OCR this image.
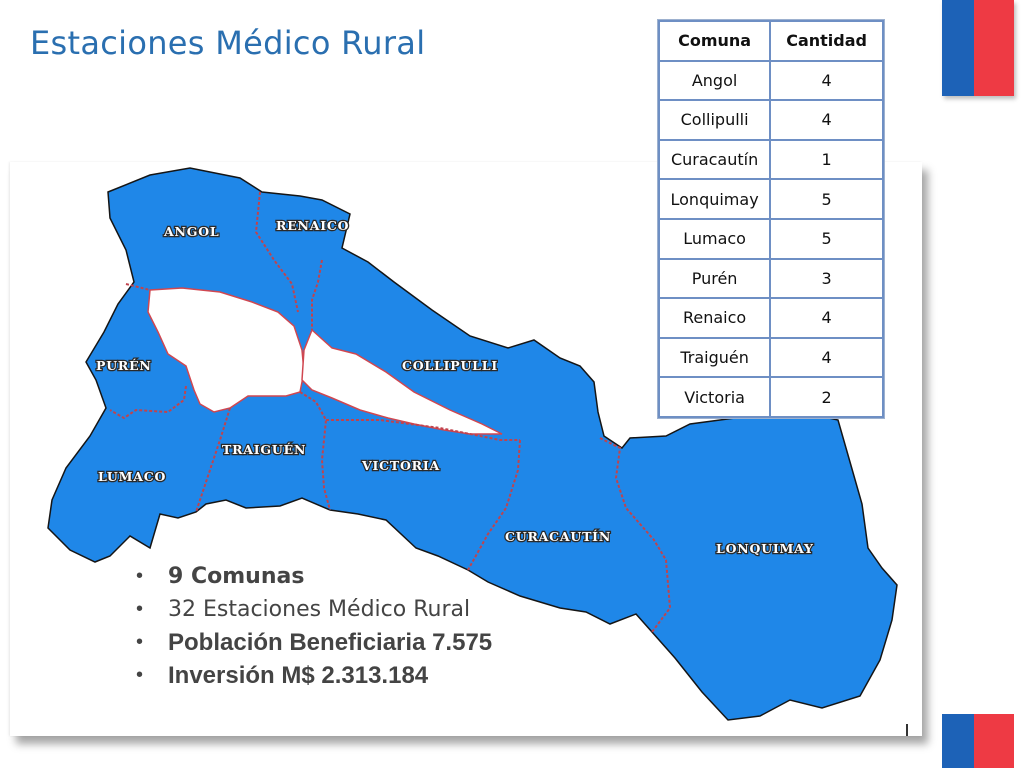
Estaciones Médico Rural
ANGOL	RENAICO
PURÉN	COLLIPULLI
LUMACO
TRAIGUÉN
VICTORIA
CURACAUTÍN
LONQUIMAY
Comuna	Cantidad
Angol	4
Collipulli	4
Curacautín	1
Lonquimay	5
Lumaco	5
Purén	3
Renaico	4
Traiguén	4
Victoria	2
• 9 Comunas
• 32 Estaciones Médico Rural
• Población Beneficiaria 7.575
• Inversión M$ 2.313.184
